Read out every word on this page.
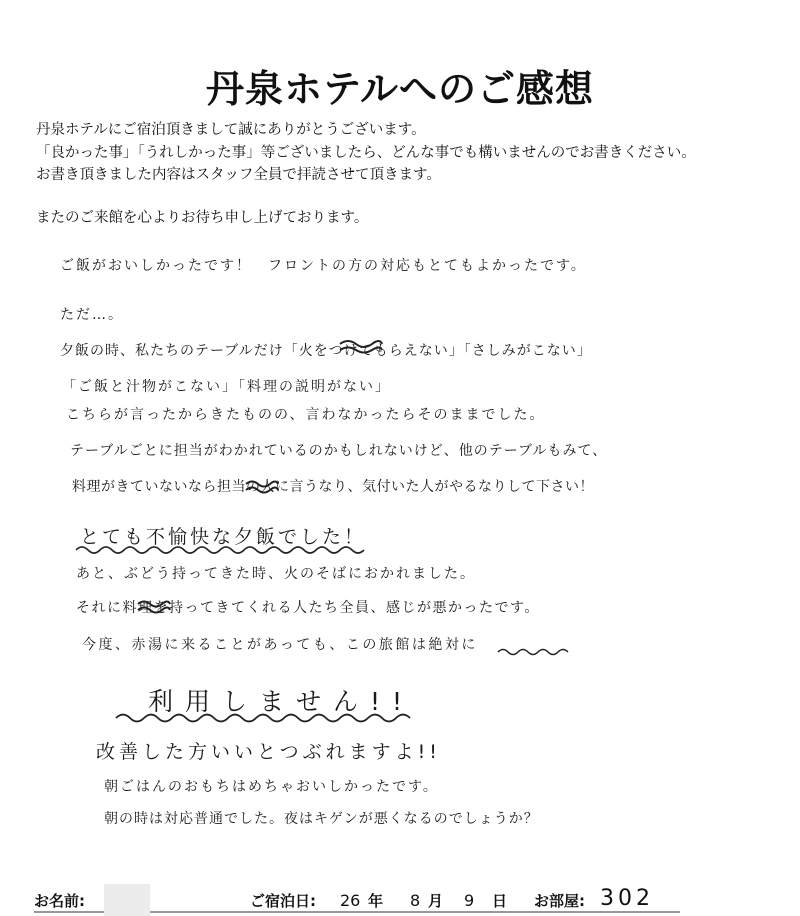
丹泉ホテルへのご感想
丹泉ホテルにご宿泊頂きまして誠にありがとうございます。
「良かった事」「うれしかった事」等ございましたら、どんな事でも構いませんのでお書きください。
お書き頂きました内容はスタッフ全員で拝読させて頂きます。
またのご来館を心よりお待ち申し上げております。
ご飯がおいしかったです！　フロントの方の対応もとてもよかったです。
ただ…。
夕飯の時、私たちのテーブルだけ「火をつけてもらえない」「さしみがこない」
「ご飯と汁物がこない」「料理の説明がない」
こちらが言ったからきたものの、言わなかったらそのままでした。
テーブルごとに担当がわかれているのかもしれないけど、他のテーブルもみて、
料理がきていないなら担当の人に言うなり、気付いた人がやるなりして下さい！
とても不愉快な夕飯でした！
あと、ぶどう持ってきた時、火のそばにおかれました。
それに料理を持ってきてくれる人たち全員、感じが悪かったです。
今度、赤湯に来ることがあっても、この旅館は絶対に
利用しません!!
改善した方いいとつぶれますよ!!
朝ごはんのおもちはめちゃおいしかったです。
朝の時は対応普通でした。夜はキゲンが悪くなるのでしょうか？
お名前:	ご宿泊日: 26 年 8 月 9 日 お部屋: 302
